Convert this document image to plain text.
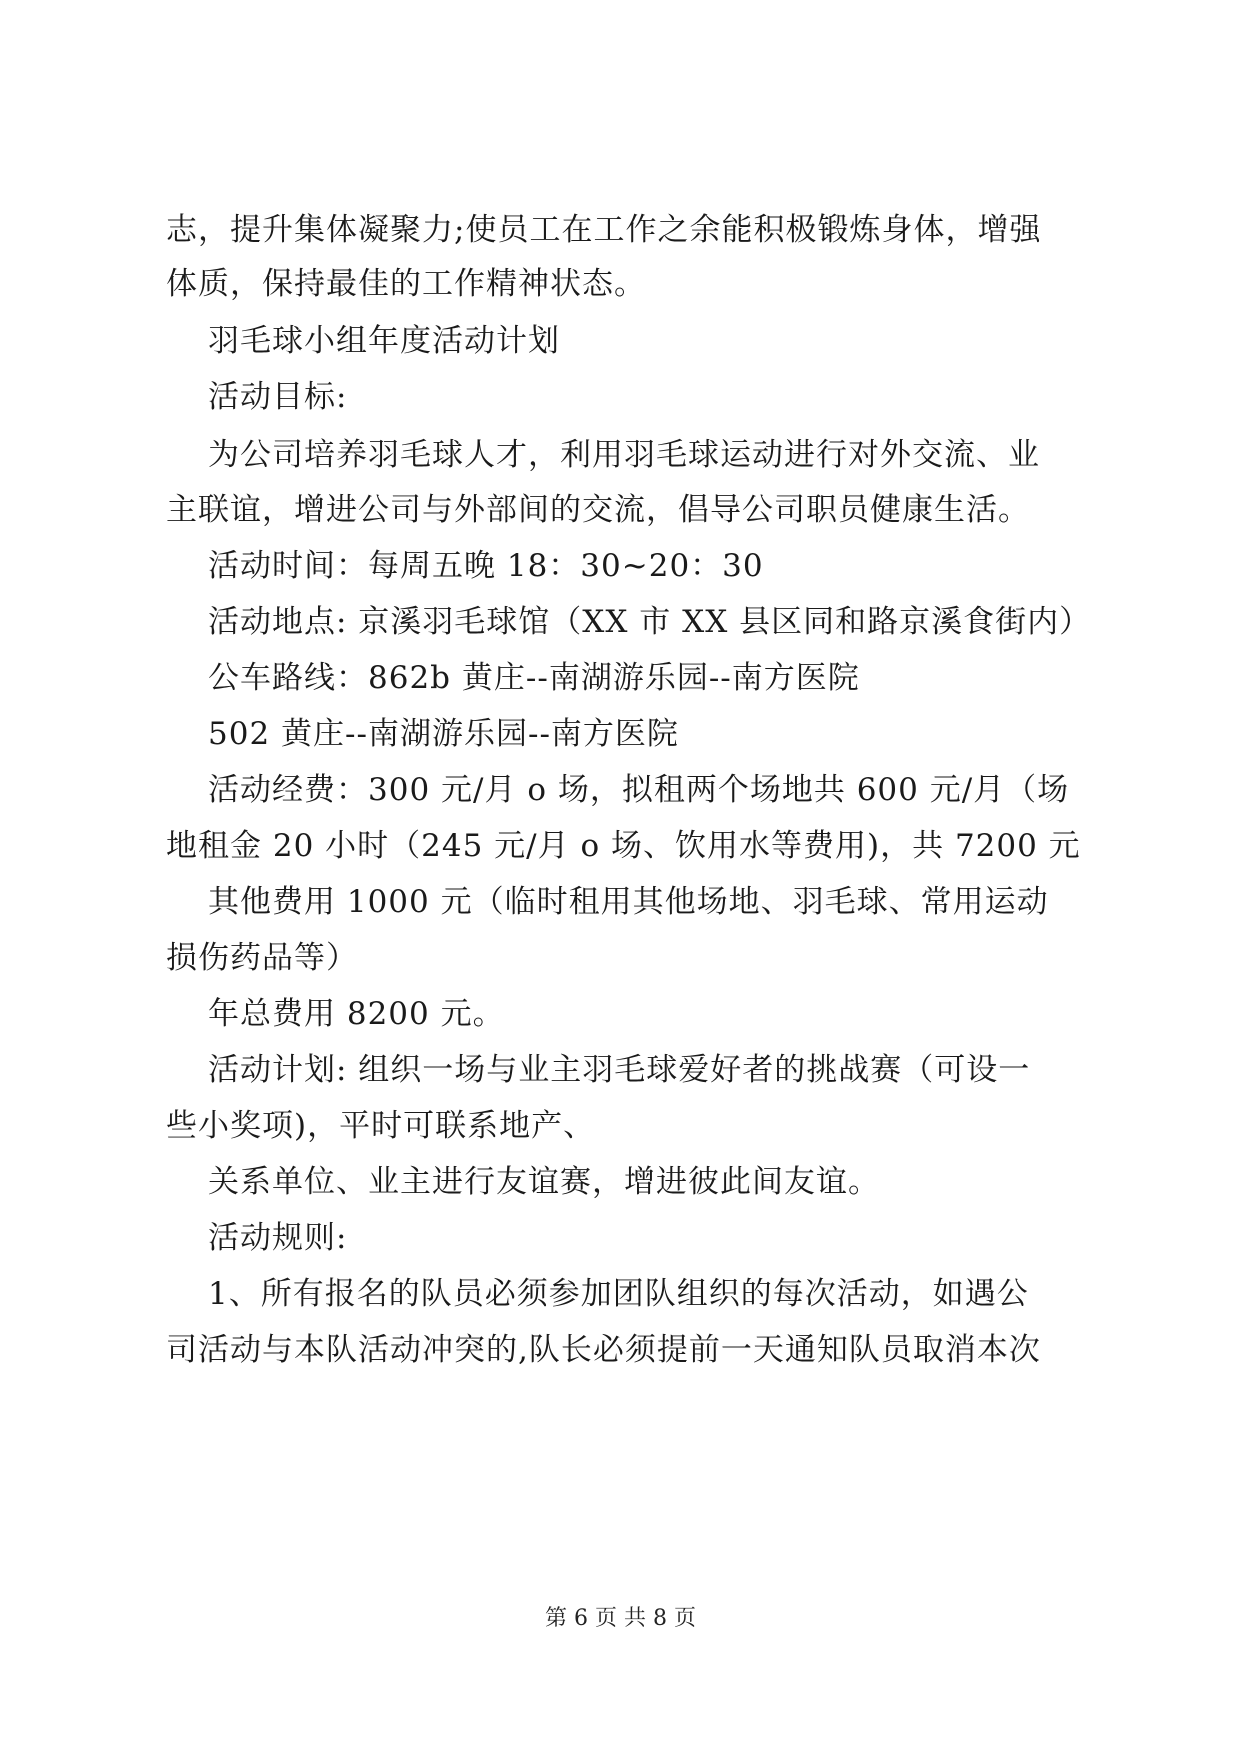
志，提升集体凝聚力;使员工在工作之余能积极锻炼身体，增强
体质，保持最佳的工作精神状态。
羽毛球小组年度活动计划
活动目标:
为公司培养羽毛球人才，利用羽毛球运动进行对外交流、业
主联谊，增进公司与外部间的交流，倡导公司职员健康生活。
活动时间：每周五晚 18：30~20：30
活动地点: 京溪羽毛球馆（XX 市 XX 县区同和路京溪食街内）
公车路线：862b 黄庄--南湖游乐园--南方医院
502 黄庄--南湖游乐园--南方医院
活动经费：300 元/月 o 场，拟租两个场地共 600 元/月（场
地租金 20 小时（245 元/月 o 场、饮用水等费用)，共 7200 元
其他费用 1000 元（临时租用其他场地、羽毛球、常用运动
损伤药品等）
年总费用 8200 元。
活动计划: 组织一场与业主羽毛球爱好者的挑战赛（可设一
些小奖项)，平时可联系地产、
关系单位、业主进行友谊赛，增进彼此间友谊。
活动规则:
1、所有报名的队员必须参加团队组织的每次活动，如遇公
司活动与本队活动冲突的,队长必须提前一天通知队员取消本次
第 6 页 共 8 页
